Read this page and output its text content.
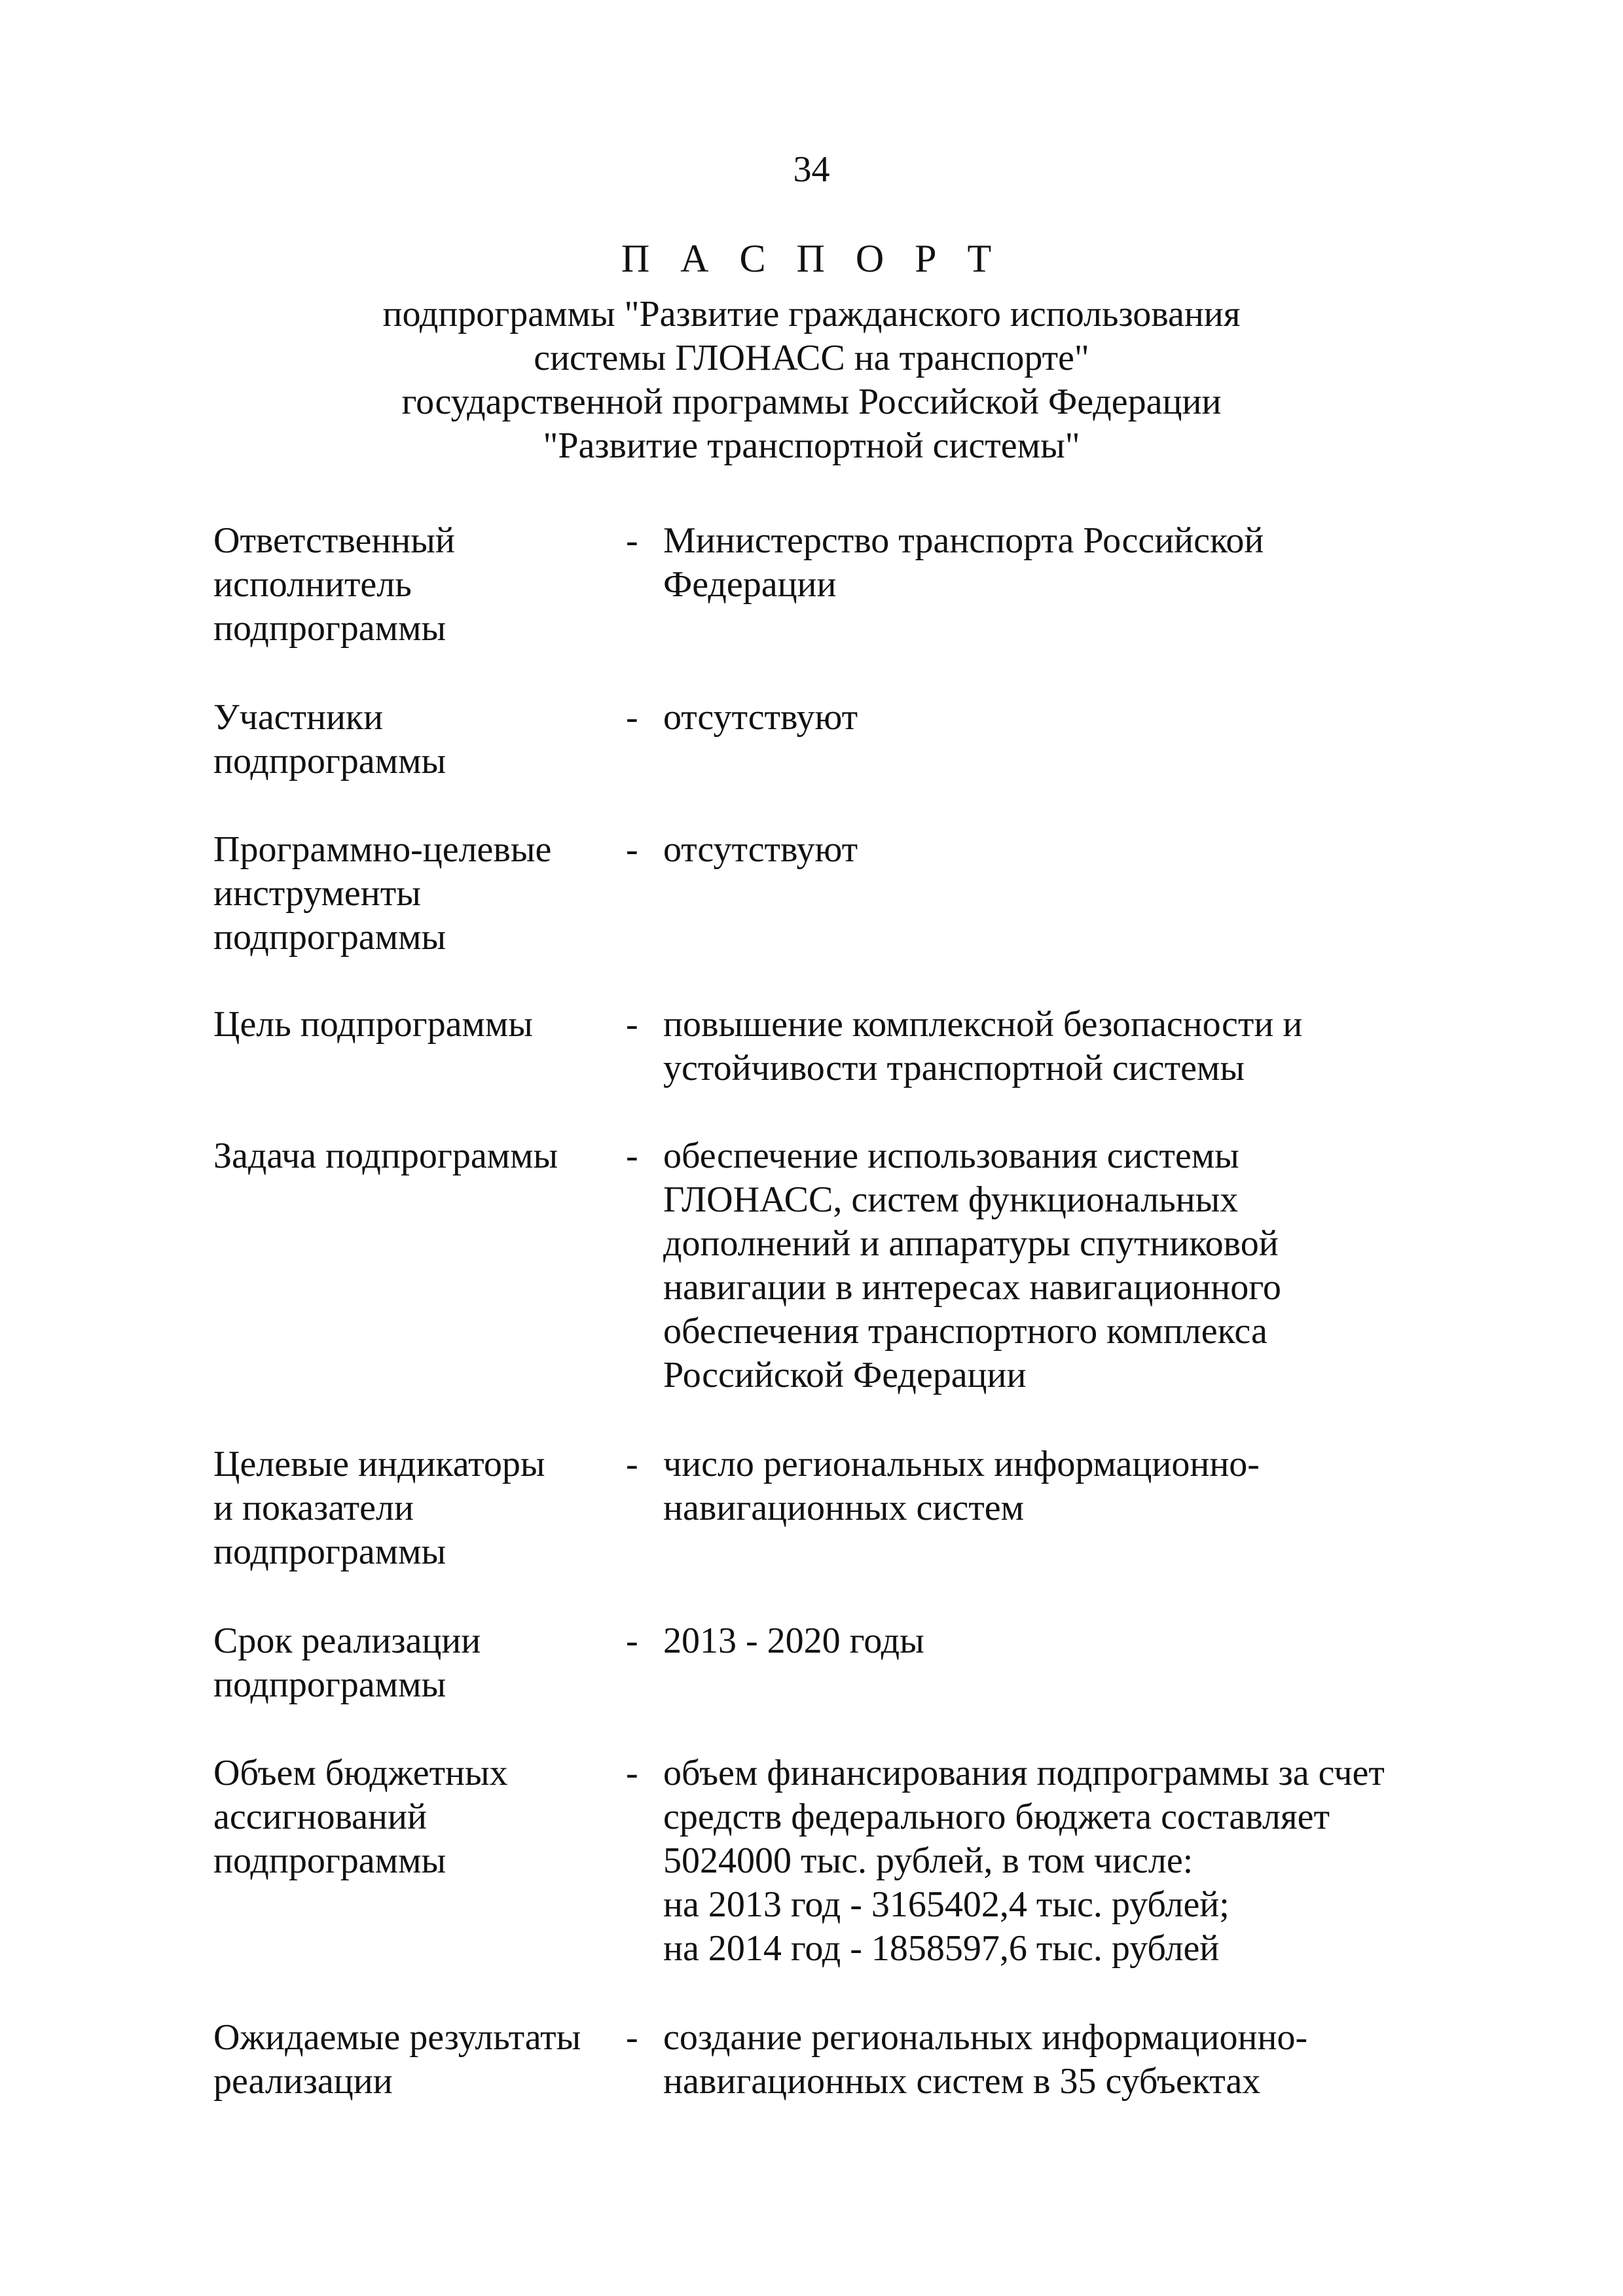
34
П А С П О Р Т
подпрограммы "Развитие гражданского использования
системы ГЛОНАСС на транспорте"
государственной программы Российской Федерации
"Развитие транспортной системы"
Ответственный
исполнитель
подпрограммы
- Министерство транспорта Российской
Федерации
Участники
подпрограммы
- отсутствуют
Программно-целевые
инструменты
подпрограммы
- отсутствуют
Цель подпрограммы	- повышение комплексной безопасности и
устойчивости транспортной системы
Задача подпрограммы	- обеспечение использования системы
ГЛОНАСС, систем функциональных
дополнений и аппаратуры спутниковой
навигации в интересах навигационного
обеспечения транспортного комплекса
Российской Федерации
Целевые индикаторы
и показатели
подпрограммы
- число региональных информационно-
навигационных систем
Срок реализации
подпрограммы
- 2013 - 2020 годы
Объем бюджетных
ассигнований
подпрограммы
- объем финансирования подпрограммы за счет
средств федерального бюджета составляет
5024000 тыс. рублей, в том числе:
на 2013 год - 3165402,4 тыс. рублей;
на 2014 год - 1858597,6 тыс. рублей
Ожидаемые результаты
реализации
- создание региональных информационно-
навигационных систем в 35 субъектах
